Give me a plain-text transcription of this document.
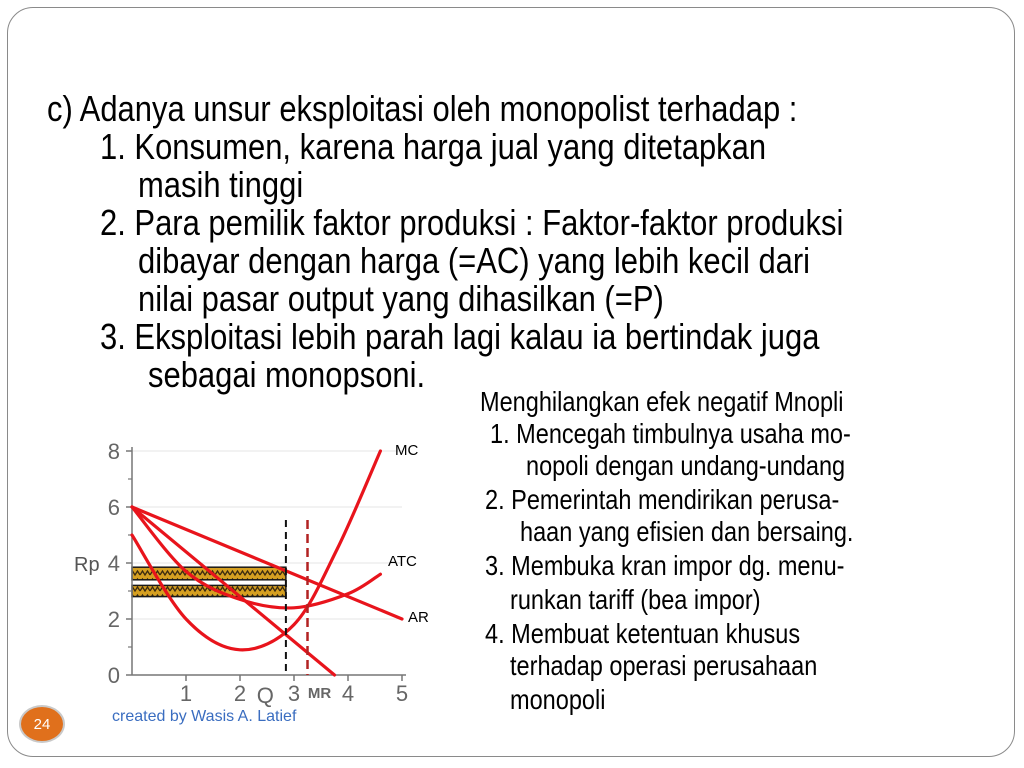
c) Adanya unsur eksploitasi oleh monopolist terhadap :
1. Konsumen, karena harga jual yang ditetapkan
masih tinggi
2. Para pemilik faktor produksi : Faktor-faktor produksi
dibayar dengan harga (=AC) yang lebih kecil dari
nilai pasar output yang dihasilkan (=P)
3. Eksploitasi lebih parah lagi kalau ia bertindak juga
sebagai monopsoni.
Menghilangkan efek negatif Mnopli
1. Mencegah timbulnya usaha mo-
nopoli dengan undang-undang
2. Pemerintah mendirikan perusa-
haan yang efisien dan bersaing.
3. Membuka kran impor dg. menu-
runkan tariff (bea impor)
4. Membuat ketentuan khusus
terhadap operasi perusahaan
monopoli
0
2
4
6
8
1 2 3 4 5
Rp
MC
ATC
AR
Q MR
24	created by Wasis A. Latief
